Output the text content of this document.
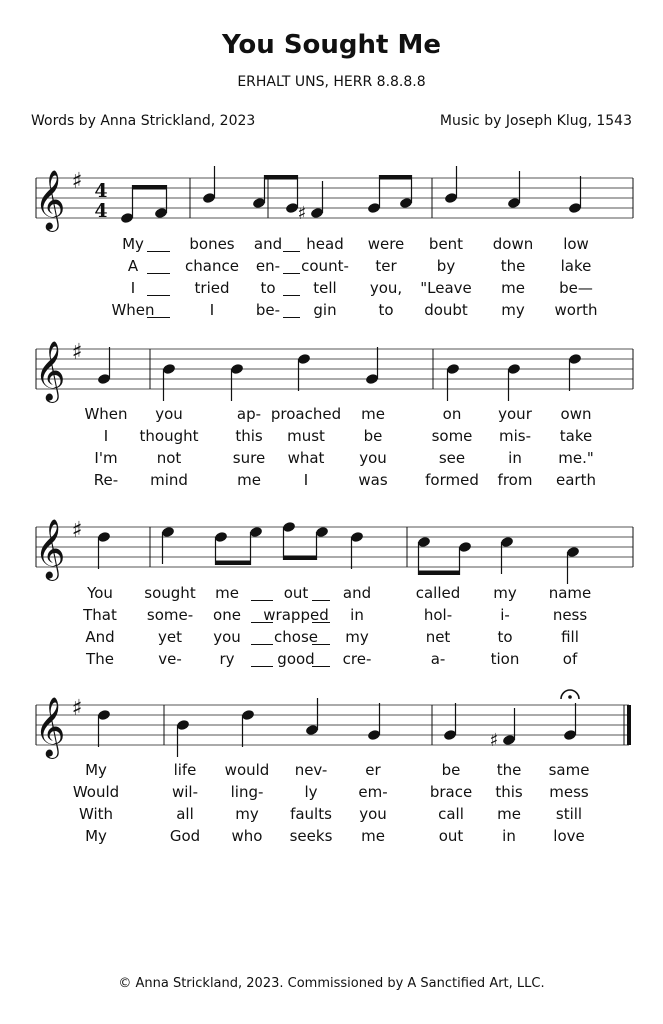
You Sought Me
ERHALT UNS, HERR 8.8.8.8
Words by Anna Strickland, 2023	Music by Joseph Klug, 1543
𝄞 ♯ 4
4	♯
𝄞 ♯
𝄞 ♯
𝄞 ♯
♯
My	bones and head were bent down low
A	chance en- count- ter	by	the lake
I	tried to	tell you, "Leave me be—
When	I	be- gin	to doubt my worth
When you	ap- proached me	on your own
I thought this must	be	some mis- take
I'm	not	sure what you	see	in me."
Re- mind	me	I	was formed from earth
You sought me	out and	called my name
That some- one wrapped in	hol-	i-	ness
And	yet you chose my	net	to	fill
The	ve-	ry	good cre-	a-	tion	of
My	life would nev-	er	be the same
Would	wil- ling-	ly	em-	brace this mess
With	all	my faults you	call me still
My	God who seeks me	out	in love
© Anna Strickland, 2023. Commissioned by A Sanctified Art, LLC.
